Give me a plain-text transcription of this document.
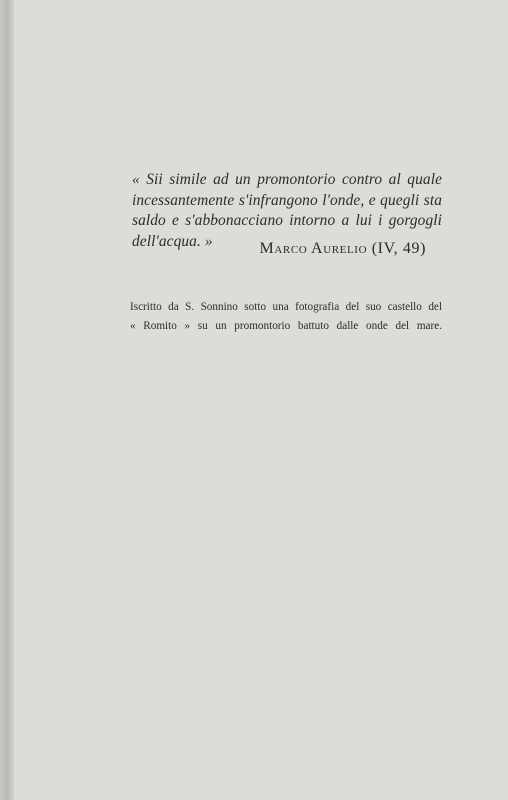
« Sii simile ad un promontorio contro al quale
incessantemente s'infrangono l'onde, e quegli sta
saldo e s'abbonacciano intorno a lui i gorgogli
dell'acqua. »	Marco Aurelio (IV, 49)
Iscritto da S. Sonnino sotto una fotografia del suo castello del
« Romito » su un promontorio battuto dalle onde del mare.
